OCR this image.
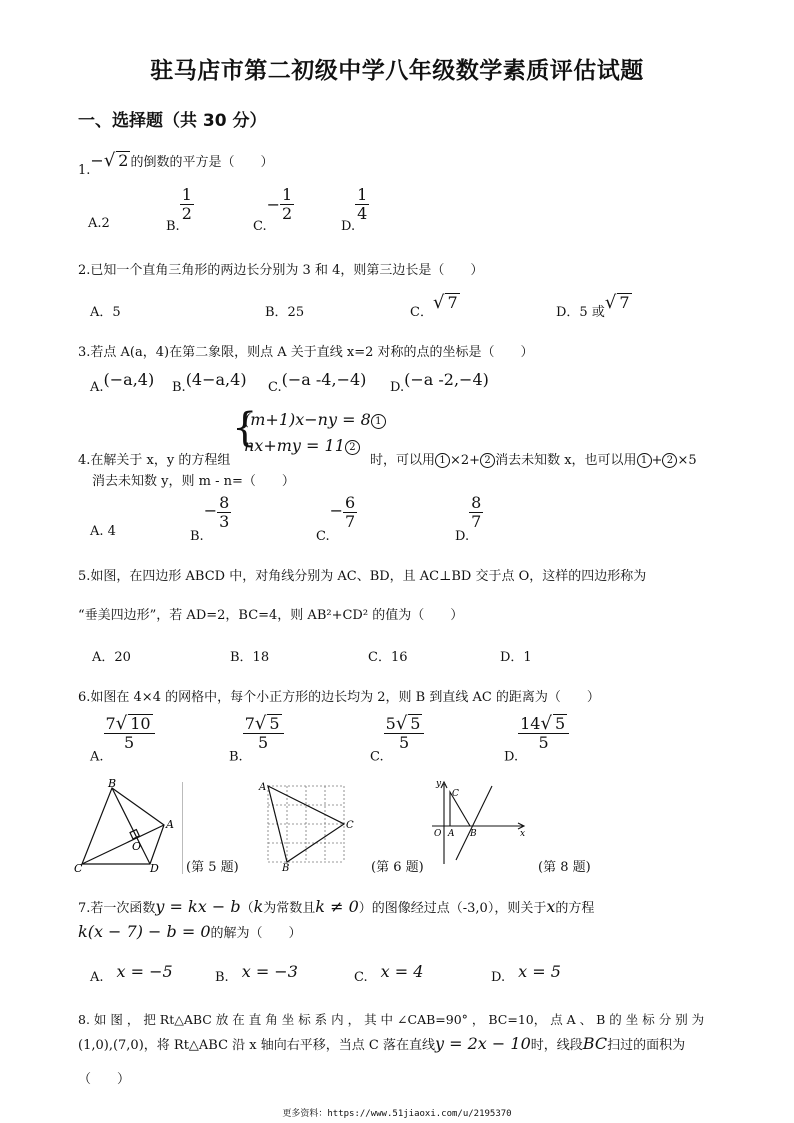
驻马店市第二初级中学八年级数学素质评估试题
一、选择题（共 30 分）
1.−√ 2 的倒数的平方是（　　）
A.2	B.
$\frac{1}{2}$
$C.- \frac{1}{2}$
D.
$\frac{1}{4}$
2.已知一个直角三角形的两边长分别为 3 和 4，则第三边长是（　　）
A．5	B．25	C．√ 7
D．5 或√ 7
3.若点 A(a，4)在第二象限，则点 A 关于直线 x=2 对称的点的坐标是（　　）
A.(−a,4) B.(4−a,4) C.(−a -4,−4) D.(−a -2,−4)
{
(m+1)x−ny = 8 1
nx+my = 11 2
4.在解关于 x，y 的方程组	时，可以用 1 ×2+ 2 消去未知数 x，也可以用 1 + 2 ×5
消去未知数 y，则 m - n=（　　）
A. 4	$B.- \frac{8}{3}$
$C.- \frac{6}{7}$
D.
$\frac{8}{7}$
5.如图，在四边形 ABCD 中，对角线分别为 AC、BD，且 AC⊥BD 交于点 O，这样的四边形称为
“垂美四边形”，若 AD=2，BC=4，则 AB²+CD² 的值为（　　）
A．20	B．18	C．16	D．1
6.如图在 4×4 的网格中，每个小正方形的边长均为 2，则 B 到直线 AC 的距离为（　　）
A.
$\frac{7√ 10}{5}$
B.
$\frac{7√ 5}{5}$
C.
$\frac{5√ 5}{5}$
D.
$\frac{14√ 5}{5}$
B
A
O
C	D (第 5 题)
A
B
C
(第 6 题)
y
C
O A B	x
(第 8 题)
7.若一次函数y = kx − b（k为常数且k ≠ 0）的图像经过点（-3,0），则关于x的方程
k(x − 7) − b = 0的解为（　　）
A.　 x = −5	B.　 x = −3	C.　 x = 4	D.　 x = 5
8. 如 图 ， 把 Rt△ABC 放 在 直 角 坐 标 系 内 ， 其 中 ∠CAB=90° ， BC=10， 点 A 、 B 的 坐 标 分 别 为
(1,0),(7,0)，将 Rt△ABC 沿 x 轴向右平移，当点 C 落在直线y = 2x − 10时，线段BC扫过的面积为
（　　）
更多资料：https://www.51jiaoxi.com/u/2195370
